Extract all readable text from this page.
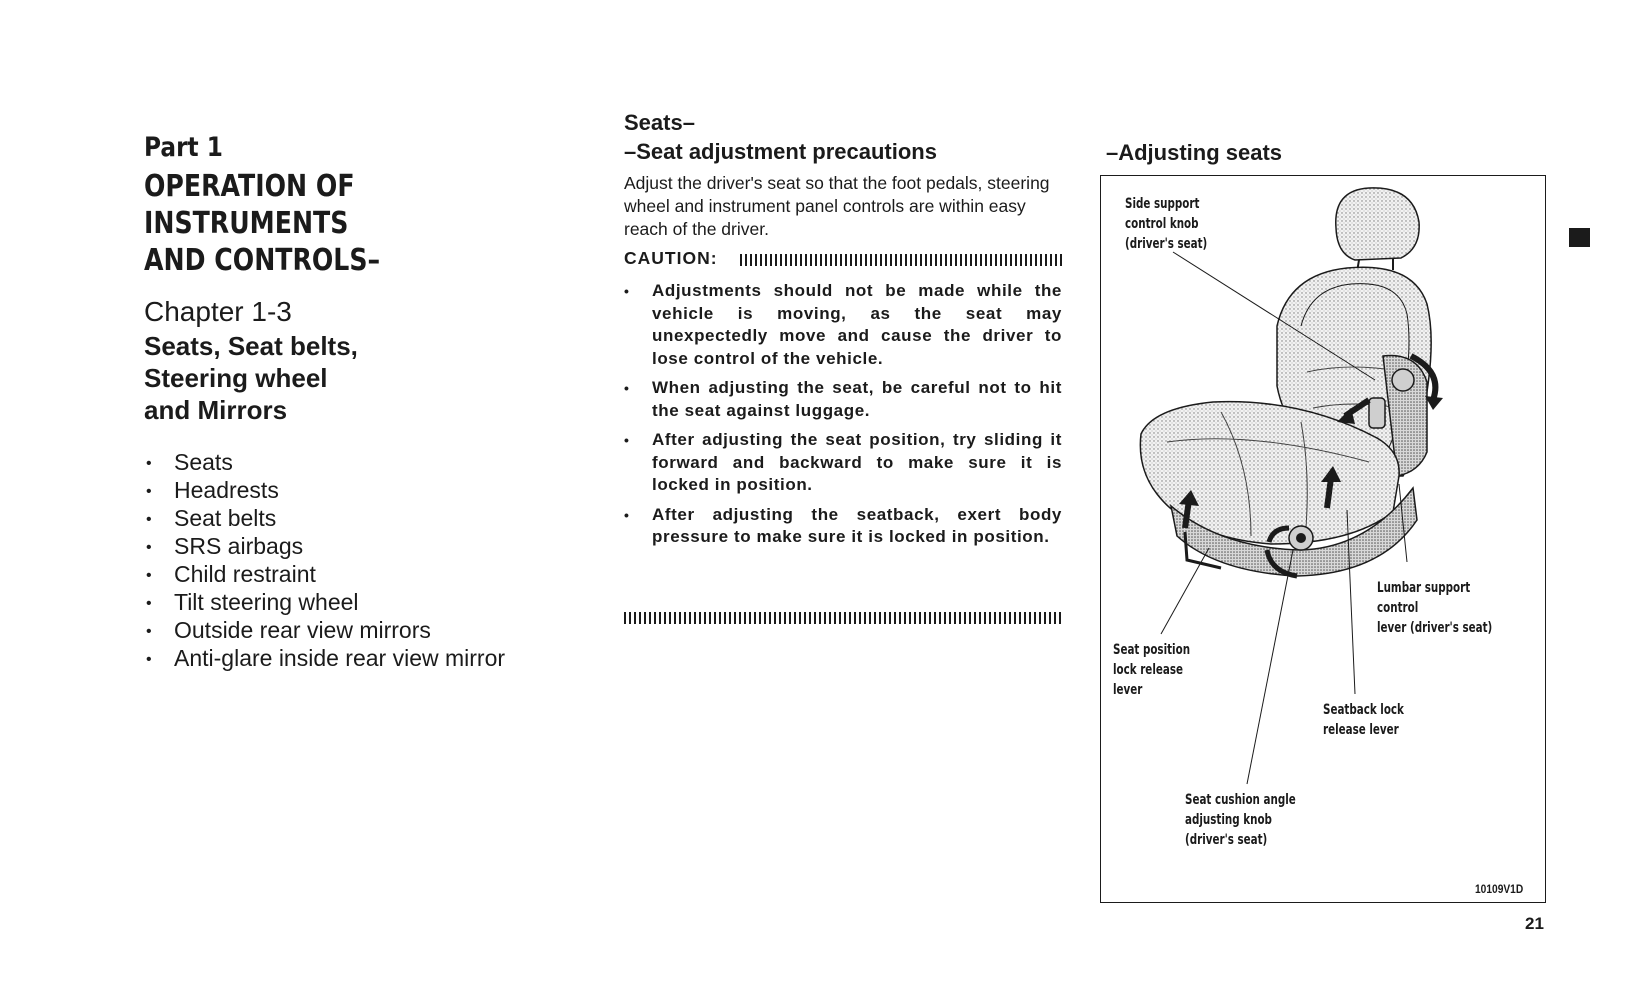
Part 1
OPERATION OF
INSTRUMENTS
AND CONTROLS–
Chapter 1-3
Seats, Seat belts,
Steering wheel
and Mirrors
• Seats
• Headrests
• Seat belts
• SRS airbags
• Child restraint
• Tilt steering wheel
• Outside rear view mirrors
• Anti-glare inside rear view mirror
Seats–
–Seat adjustment precautions
Adjust the driver's seat so that the foot pedals, steering wheel and instrument panel controls are within easy reach of the driver.
CAUTION:
• Adjustments should not be made while the vehicle is moving, as the seat may unexpectedly move and cause the driver to lose control of the vehicle.
• When adjusting the seat, be careful not to hit the seat against luggage.
• After adjusting the seat position, try sliding it forward and backward to make sure it is locked in position.
• After adjusting the seatback, exert body pressure to make sure it is locked in position.
–Adjusting seats
Side support
control knob
(driver's seat)
Lumbar support control
lever (driver's seat)
Seat position
lock release
lever
Seatback lock
release lever
Seat cushion angle
adjusting knob
(driver's seat)
10109V1D
21
